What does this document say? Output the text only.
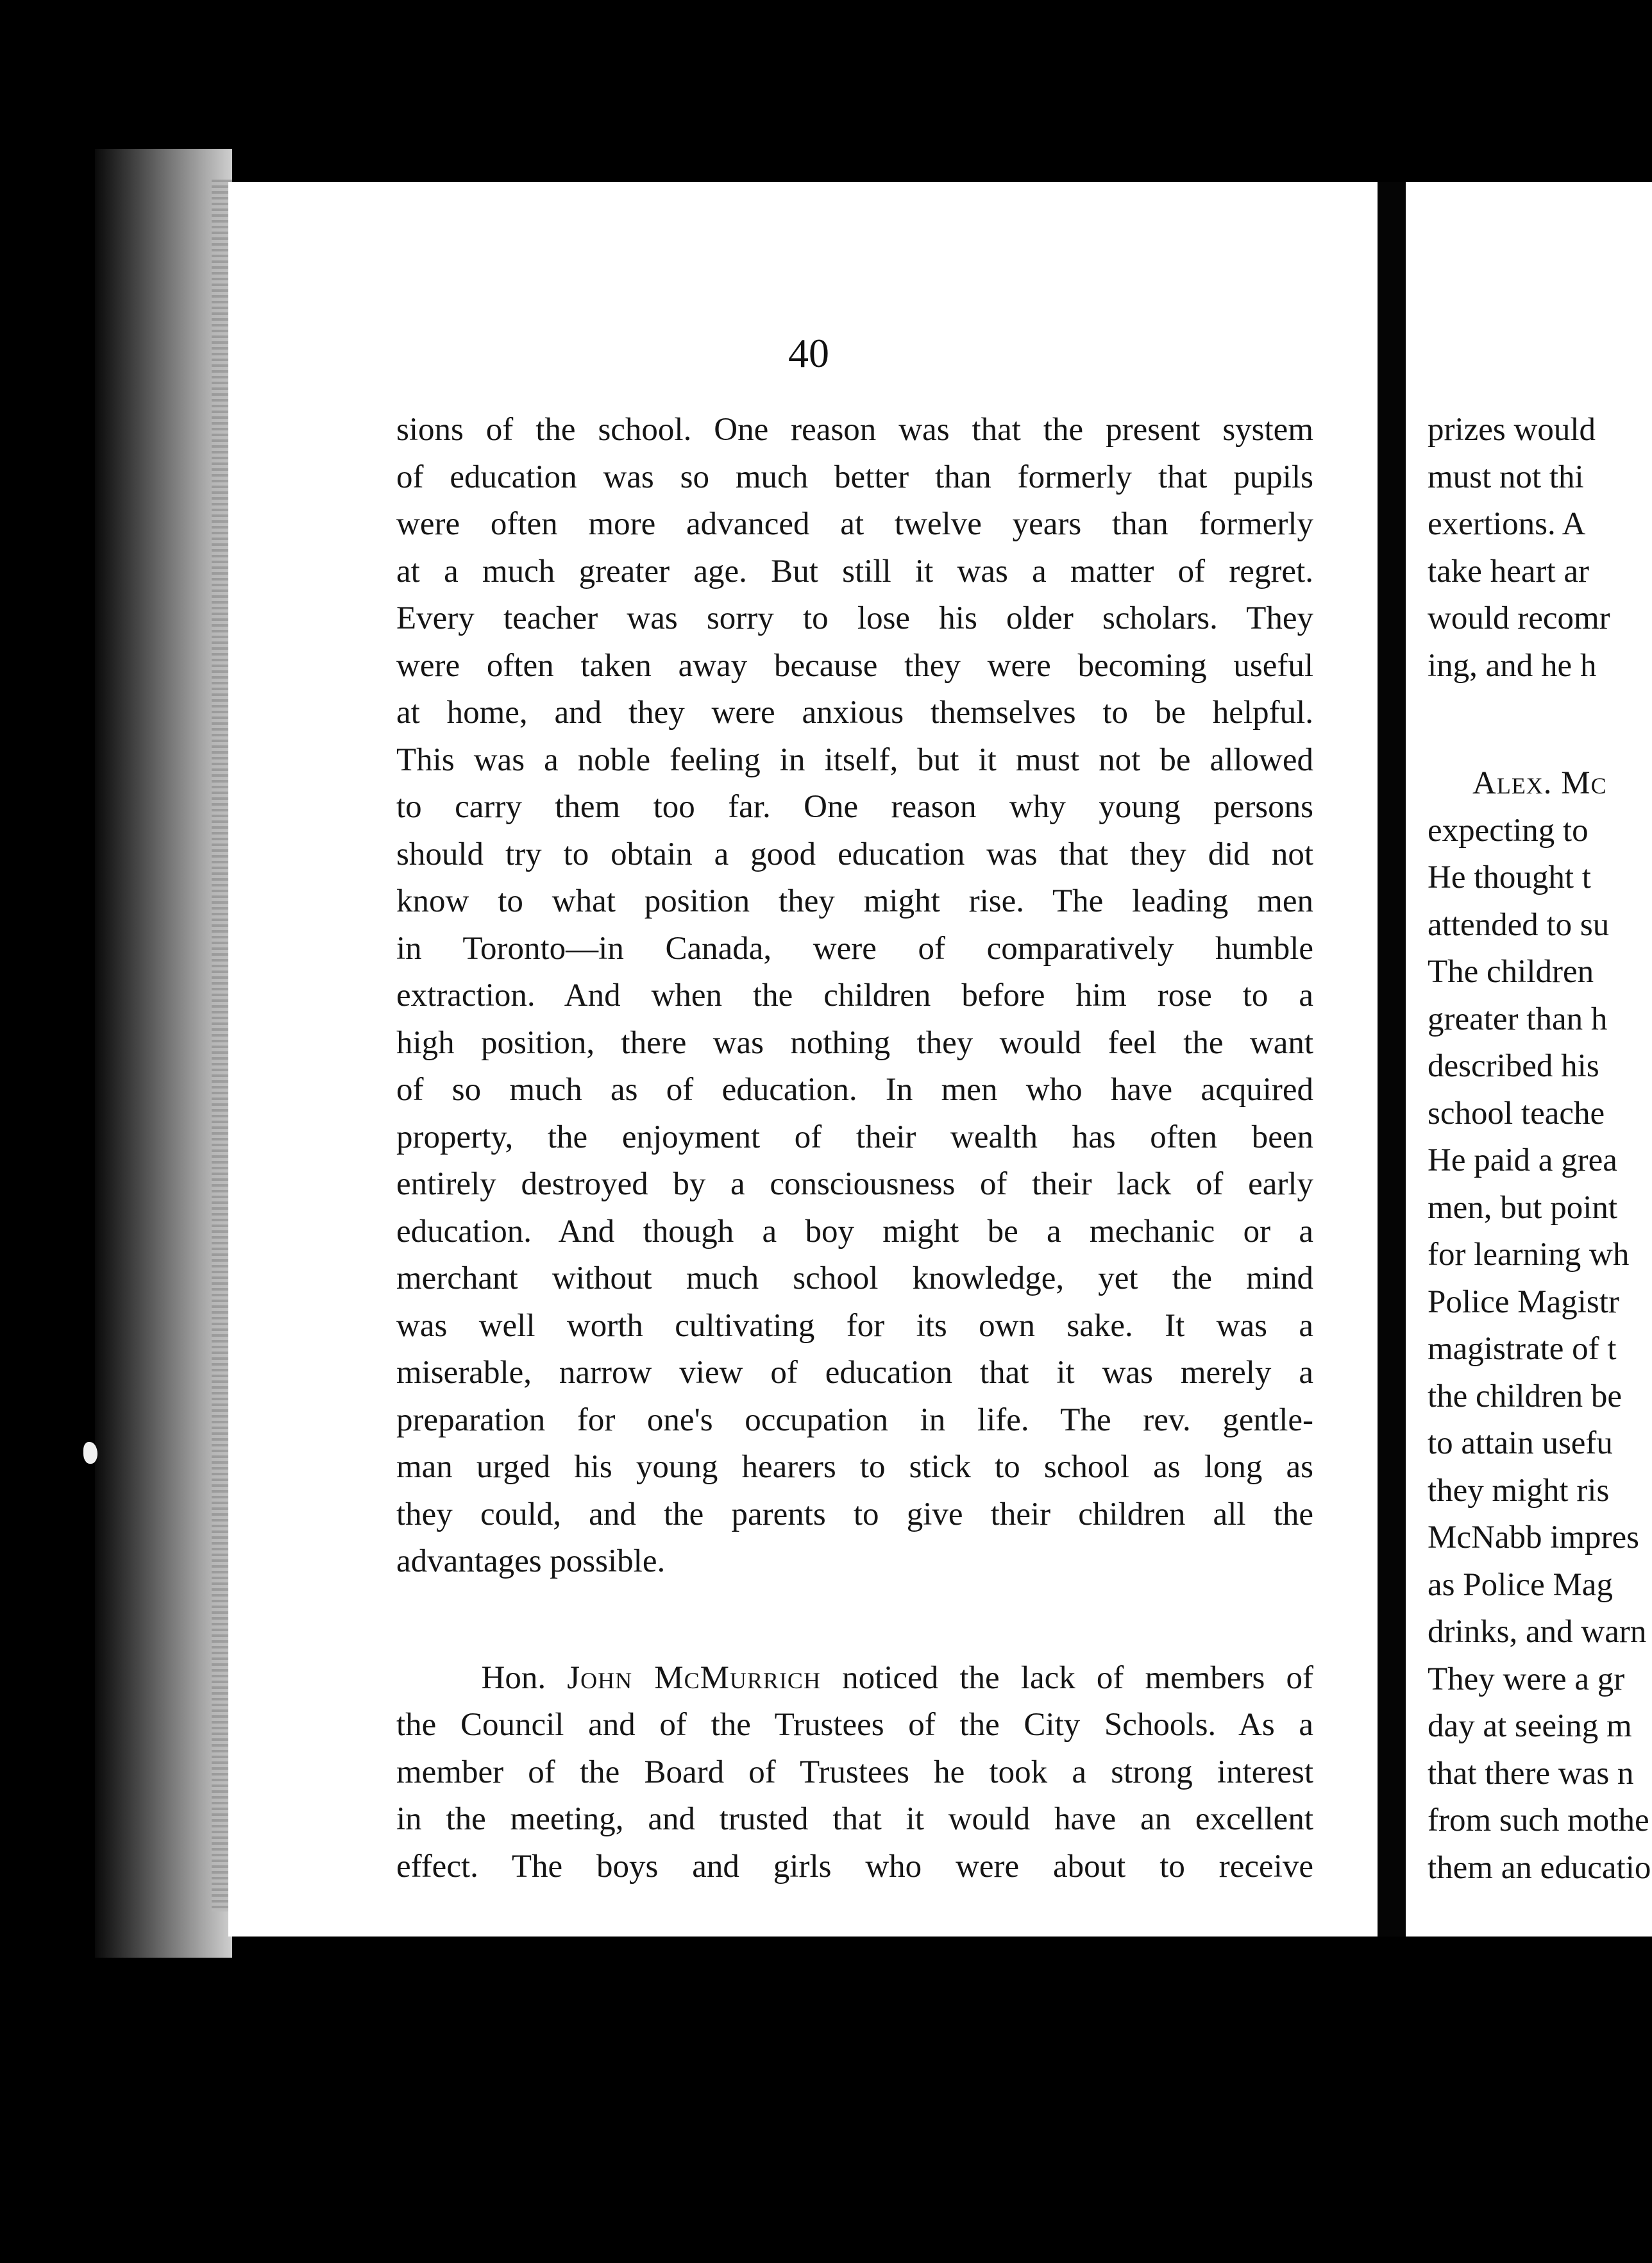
40
sions of the school. One reason was that the present system
of education was so much better than formerly that pupils
were often more advanced at twelve years than formerly
at a much greater age. But still it was a matter of regret.
Every teacher was sorry to lose his older scholars. They
were often taken away because they were becoming useful
at home, and they were anxious themselves to be helpful.
This was a noble feeling in itself, but it must not be allowed
to carry them too far. One reason why young persons
should try to obtain a good education was that they did not
know to what position they might rise. The leading men
in Toronto—in Canada, were of comparatively humble
extraction. And when the children before him rose to a
high position, there was nothing they would feel the want
of so much as of education. In men who have acquired
property, the enjoyment of their wealth has often been
entirely destroyed by a consciousness of their lack of early
education. And though a boy might be a mechanic or a
merchant without much school knowledge, yet the mind
was well worth cultivating for its own sake. It was a
miserable, narrow view of education that it was merely a
preparation for one's occupation in life. The rev. gentle-
man urged his young hearers to stick to school as long as
they could, and the parents to give their children all the
advantages possible.
Hon. John McMurrich noticed the lack of members of
the Council and of the Trustees of the City Schools. As a
member of the Board of Trustees he took a strong interest
in the meeting, and trusted that it would have an excellent
effect. The boys and girls who were about to receive
prizes would
must not thi
exertions. A
take heart ar
would recomr
ing, and he h
Alex. Mc
expecting to
He thought t
attended to su
The children
greater than h
described his
school teache
He paid a grea
men, but point
for learning wh
Police Magistr
magistrate of t
the children be
to attain usefu
they might ris
McNabb impres
as Police Mag
drinks, and warn
They were a gr
day at seeing m
that there was n
from such mothe
them an educatio
